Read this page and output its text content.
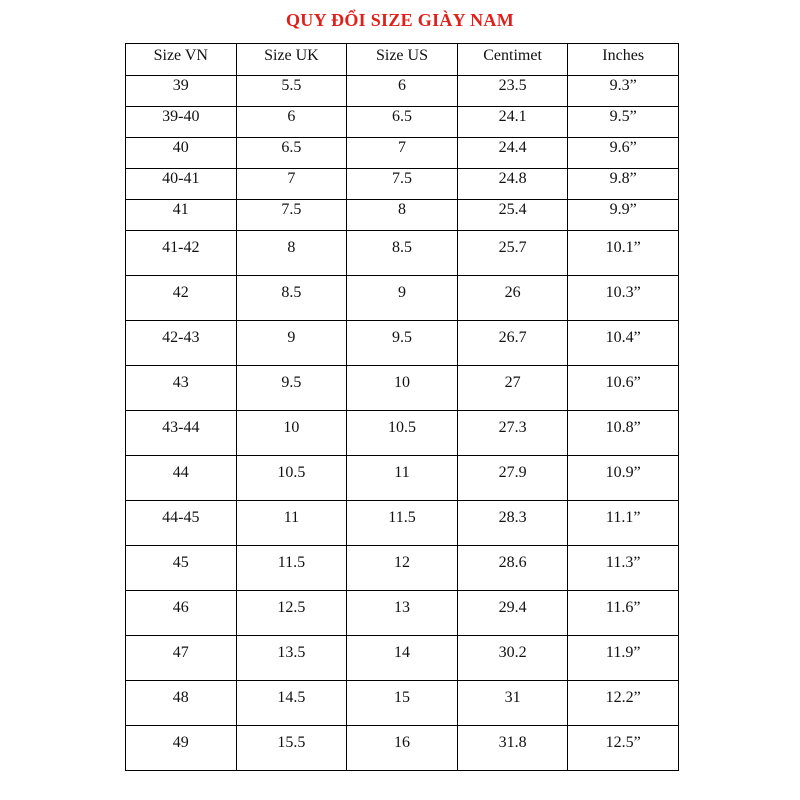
QUY ĐỔI SIZE GIÀY NAM
Size VN	Size UK	Size US	Centimet	Inches
39	5.5	6	23.5	9.3”
39-40	6	6.5	24.1	9.5”
40	6.5	7	24.4	9.6”
40-41	7	7.5	24.8	9.8”
41	7.5	8	25.4	9.9”
41-42	8	8.5	25.7	10.1”
42	8.5	9	26	10.3”
42-43	9	9.5	26.7	10.4”
43	9.5	10	27	10.6”
43-44	10	10.5	27.3	10.8”
44	10.5	11	27.9	10.9”
44-45	11	11.5	28.3	11.1”
45	11.5	12	28.6	11.3”
46	12.5	13	29.4	11.6”
47	13.5	14	30.2	11.9”
48	14.5	15	31	12.2”
49	15.5	16	31.8	12.5”
